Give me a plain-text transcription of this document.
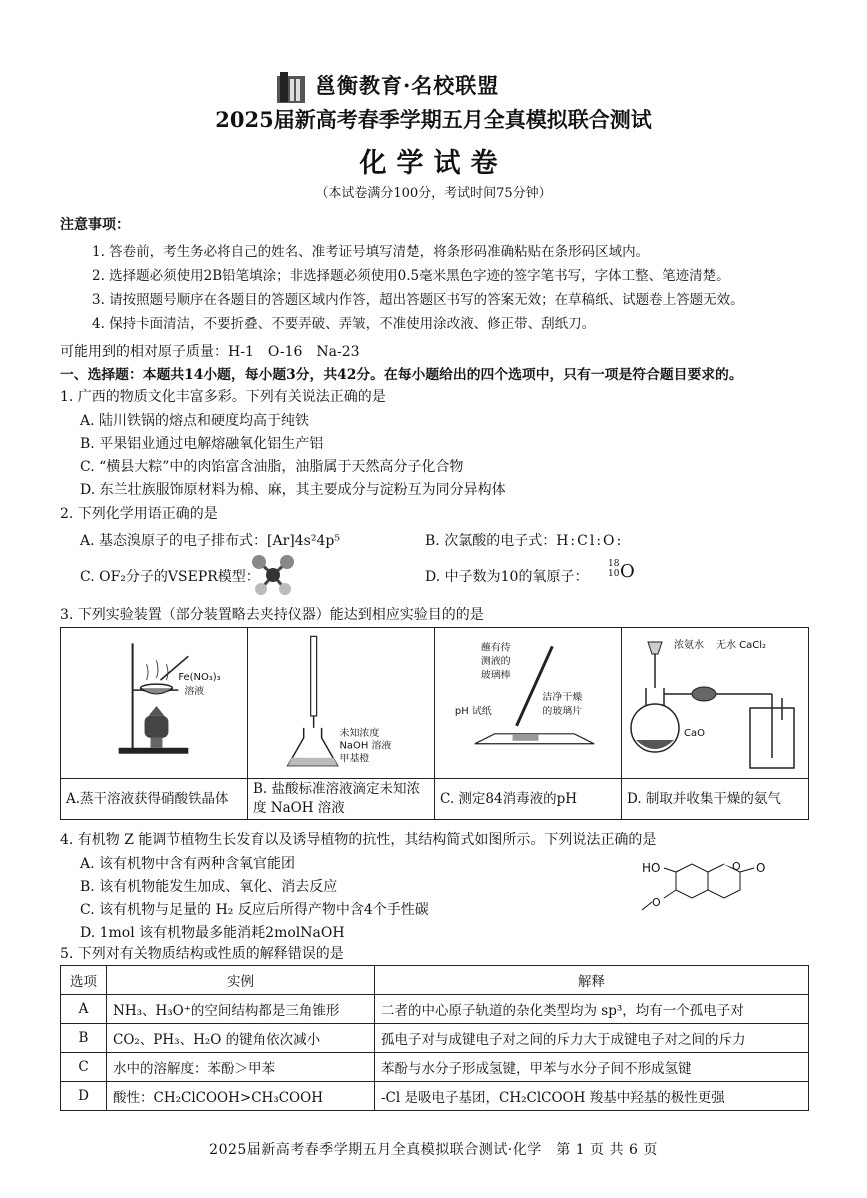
邕衡教育·名校联盟
2025届新高考春季学期五月全真模拟联合测试
化学试卷
（本试卷满分100分，考试时间75分钟）
注意事项：
1. 答卷前，考生务必将自己的姓名、准考证号填写清楚，将条形码准确粘贴在条形码区域内。
2. 选择题必须使用2B铅笔填涂；非选择题必须使用0.5毫米黑色字迹的签字笔书写，字体工整、笔迹清楚。
3. 请按照题号顺序在各题目的答题区域内作答，超出答题区书写的答案无效；在草稿纸、试题卷上答题无效。
4. 保持卡面清洁，不要折叠、不要弄破、弄皱，不准使用涂改液、修正带、刮纸刀。
可能用到的相对原子质量：H-1　O-16　Na-23
一、选择题：本题共14小题，每小题3分，共42分。在每小题给出的四个选项中，只有一项是符合题目要求的。
1. 广西的物质文化丰富多彩。下列有关说法正确的是
A. 陆川铁锅的熔点和硬度均高于纯铁
B. 平果铝业通过电解熔融氧化铝生产铝
C. “横县大粽”中的肉馅富含油脂，油脂属于天然高分子化合物
D. 东兰壮族服饰原材料为棉、麻，其主要成分与淀粉互为同分异构体
2. 下列化学用语正确的是
A. 基态溴原子的电子排布式：[Ar]4s²4p⁵	B. 次氯酸的电子式：H:Cl:O:
C. OF₂分子的VSEPR模型：	D. 中子数为10的氧原子：
18
10 O
3. 下列实验装置（部分装置略去夹持仪器）能达到相应实验目的的是
Fe(NO₃)₃
溶液
A.蒸干溶液获得硝酸铁晶体
未知浓度
NaOH 溶液
甲基橙
B. 盐酸标准溶液滴定未知浓度 NaOH 溶液
蘸有待
测液的
玻璃棒
洁净干燥
的玻璃片
pH 试纸
C. 测定84消毒液的pH
浓氨水 无水 CaCl₂
CaO
D. 制取并收集干燥的氨气
4. 有机物 Z 能调节植物生长发育以及诱导植物的抗性，其结构简式如图所示。下列说法正确的是
A. 该有机物中含有两种含氧官能团
B. 该有机物能发生加成、氧化、消去反应
C. 该有机物与足量的 H₂ 反应后所得产物中含4个手性碳
D. 1mol 该有机物最多能消耗2molNaOH
HO	O O
O
5. 下列对有关物质结构或性质的解释错误的是
选项	实例	解释
A	NH₃、H₃O⁺的空间结构都是三角锥形	二者的中心原子轨道的杂化类型均为 sp³，均有一个孤电子对
B	CO₂、PH₃、H₂O 的键角依次减小	孤电子对与成键电子对之间的斥力大于成键电子对之间的斥力
C	水中的溶解度：苯酚＞甲苯	苯酚与水分子形成氢键，甲苯与水分子间不形成氢键
D	酸性：CH₂ClCOOH>CH₃COOH	-Cl 是吸电子基团，CH₂ClCOOH 羧基中羟基的极性更强
2025届新高考春季学期五月全真模拟联合测试·化学　第 1 页 共 6 页
